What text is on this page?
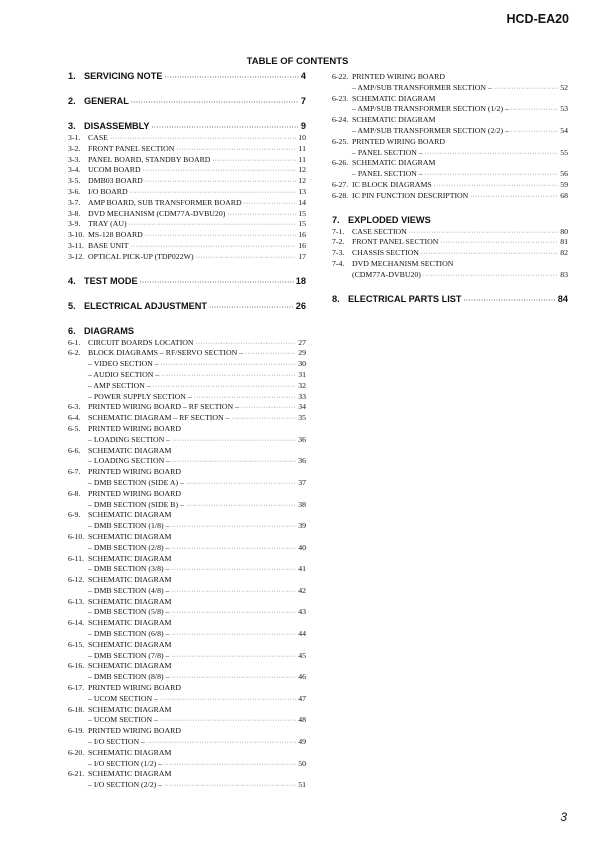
HCD-EA20
TABLE OF CONTENTS
1. SERVICING NOTE ·····	4
2. GENERAL ·····	7
3. DISASSEMBLY ·····	9
3-1. CASE ·····	10
3-2. FRONT PANEL SECTION ·····	11
3-3. PANEL BOARD, STANDBY BOARD ·····	11
3-4. UCOM BOARD ·····	12
3-5. DMB03 BOARD ·····	12
3-6. I/O BOARD ·····	13
3-7. AMP BOARD, SUB TRANSFORMER BOARD ·····	14
3-8. DVD MECHANISM (CDM77A-DVBU20) ·····	15
3-9. TRAY (AU) ·····	15
3-10. MS-128 BOARD ·····	16
3-11. BASE UNIT ·····	16
3-12. OPTICAL PICK-UP (TDP022W) ·····	17
4. TEST MODE ·····	18
5. ELECTRICAL ADJUSTMENT ·····	26
6. DIAGRAMS
6-1. CIRCUIT BOARDS LOCATION ·····	27
6-2. BLOCK DIAGRAMS – RF/SERVO SECTION – ·····	29
– VIDEO SECTION – ·····	30
– AUDIO SECTION – ·····	31
– AMP SECTION – ·····	32
– POWER SUPPLY SECTION – ·····	33
6-3. PRINTED WIRING BOARD – RF SECTION – ·····	34
6-4. SCHEMATIC DIAGRAM – RF SECTION – ·····	35
6-5. PRINTED WIRING BOARD
– LOADING SECTION – ·····	36
6-6. SCHEMATIC DIAGRAM
– LOADING SECTION – ·····	36
6-7. PRINTED WIRING BOARD
– DMB SECTION (SIDE A) – ·····	37
6-8. PRINTED WIRING BOARD
– DMB SECTION (SIDE B) – ·····	38
6-9. SCHEMATIC DIAGRAM
– DMB SECTION (1/8) – ·····	39
6-10. SCHEMATIC DIAGRAM
– DMB SECTION (2/8) – ·····	40
6-11. SCHEMATIC DIAGRAM
– DMB SECTION (3/8) – ·····	41
6-12. SCHEMATIC DIAGRAM
– DMB SECTION (4/8) – ·····	42
6-13. SCHEMATIC DIAGRAM
– DMB SECTION (5/8) – ·····	43
6-14. SCHEMATIC DIAGRAM
– DMB SECTION (6/8) – ·····	44
6-15. SCHEMATIC DIAGRAM
– DMB SECTION (7/8) – ·····	45
6-16. SCHEMATIC DIAGRAM
– DMB SECTION (8/8) – ·····	46
6-17. PRINTED WIRING BOARD
– UCOM SECTION – ·····	47
6-18. SCHEMATIC DIAGRAM
– UCOM SECTION – ·····	48
6-19. PRINTED WIRING BOARD
– I/O SECTION – ·····	49
6-20. SCHEMATIC DIAGRAM
– I/O SECTION (1/2) – ·····	50
6-21. SCHEMATIC DIAGRAM
– I/O SECTION (2/2) – ·····	51
6-22. PRINTED WIRING BOARD
– AMP/SUB TRANSFORMER SECTION – ·····	52
6-23. SCHEMATIC DIAGRAM
– AMP/SUB TRANSFORMER SECTION (1/2) – ·····	53
6-24. SCHEMATIC DIAGRAM
– AMP/SUB TRANSFORMER SECTION (2/2) – ·····	54
6-25. PRINTED WIRING BOARD
– PANEL SECTION – ·····	55
6-26. SCHEMATIC DIAGRAM
– PANEL SECTION – ·····	56
6-27. IC BLOCK DIAGRAMS ·····	59
6-28. IC PIN FUNCTION DESCRIPTION ·····	68
7. EXPLODED VIEWS
7-1. CASE SECTION ·····	80
7-2. FRONT PANEL SECTION ·····	81
7-3. CHASSIS SECTION ·····	82
7-4. DVD MECHANISM SECTION
(CDM77A-DVBU20) ·····	83
8. ELECTRICAL PARTS LIST ·····	84
3
